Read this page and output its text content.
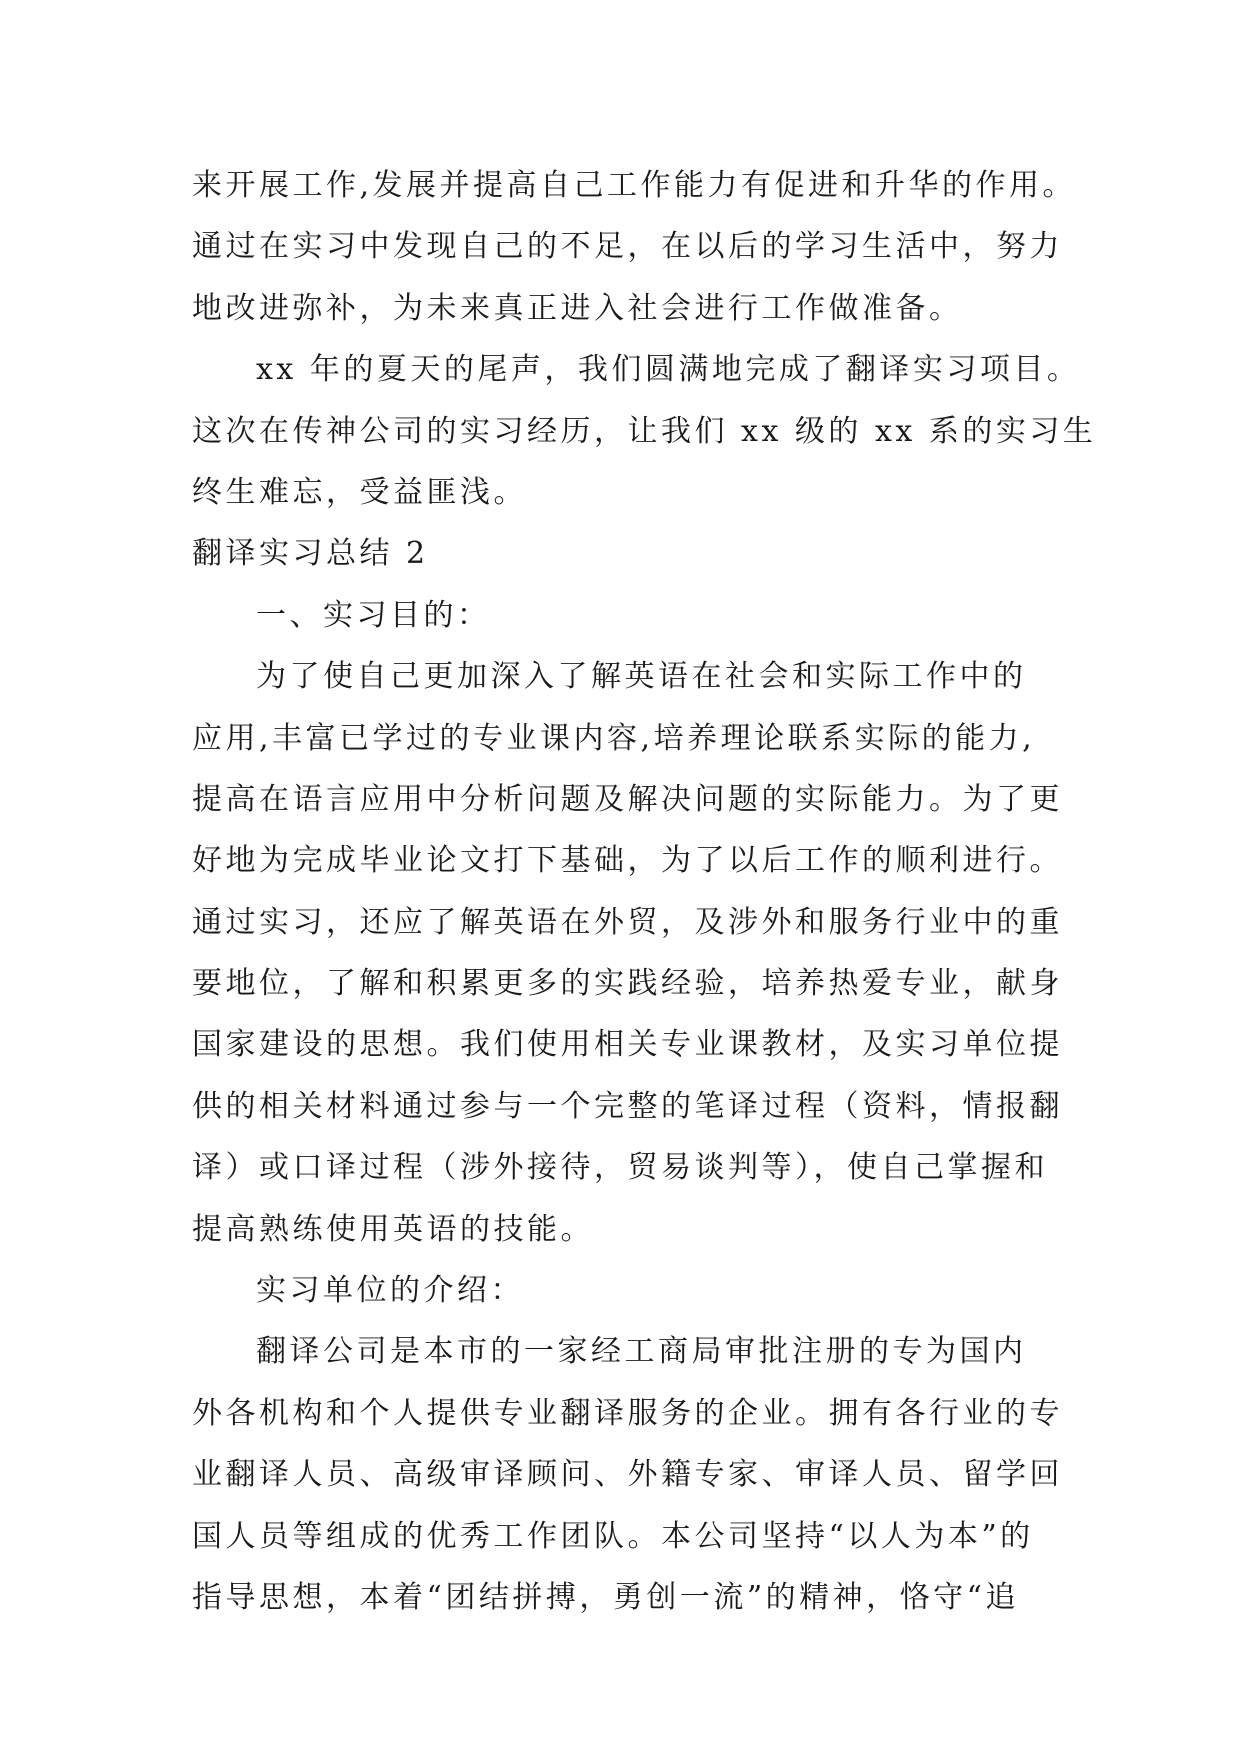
来开展工作,发展并提高自己工作能力有促进和升华的作用。
通过在实习中发现自己的不足，在以后的学习生活中，努力
地改进弥补，为未来真正进入社会进行工作做准备。
xx 年的夏天的尾声，我们圆满地完成了翻译实习项目。
这次在传神公司的实习经历，让我们 xx 级的 xx 系的实习生
终生难忘，受益匪浅。
翻译实习总结 2
一、实习目的：
为了使自己更加深入了解英语在社会和实际工作中的
应用,丰富已学过的专业课内容,培养理论联系实际的能力,
提高在语言应用中分析问题及解决问题的实际能力。为了更
好地为完成毕业论文打下基础，为了以后工作的顺利进行。
通过实习，还应了解英语在外贸，及涉外和服务行业中的重
要地位，了解和积累更多的实践经验，培养热爱专业，献身
国家建设的思想。我们使用相关专业课教材，及实习单位提
供的相关材料通过参与一个完整的笔译过程（资料，情报翻
译）或口译过程（涉外接待，贸易谈判等），使自己掌握和
提高熟练使用英语的技能。
实习单位的介绍：
翻译公司是本市的一家经工商局审批注册的专为国内
外各机构和个人提供专业翻译服务的企业。拥有各行业的专
业翻译人员、高级审译顾问、外籍专家、审译人员、留学回
国人员等组成的优秀工作团队。本公司坚持“以人为本”的
指导思想，本着“团结拼搏，勇创一流”的精神，恪守“追
